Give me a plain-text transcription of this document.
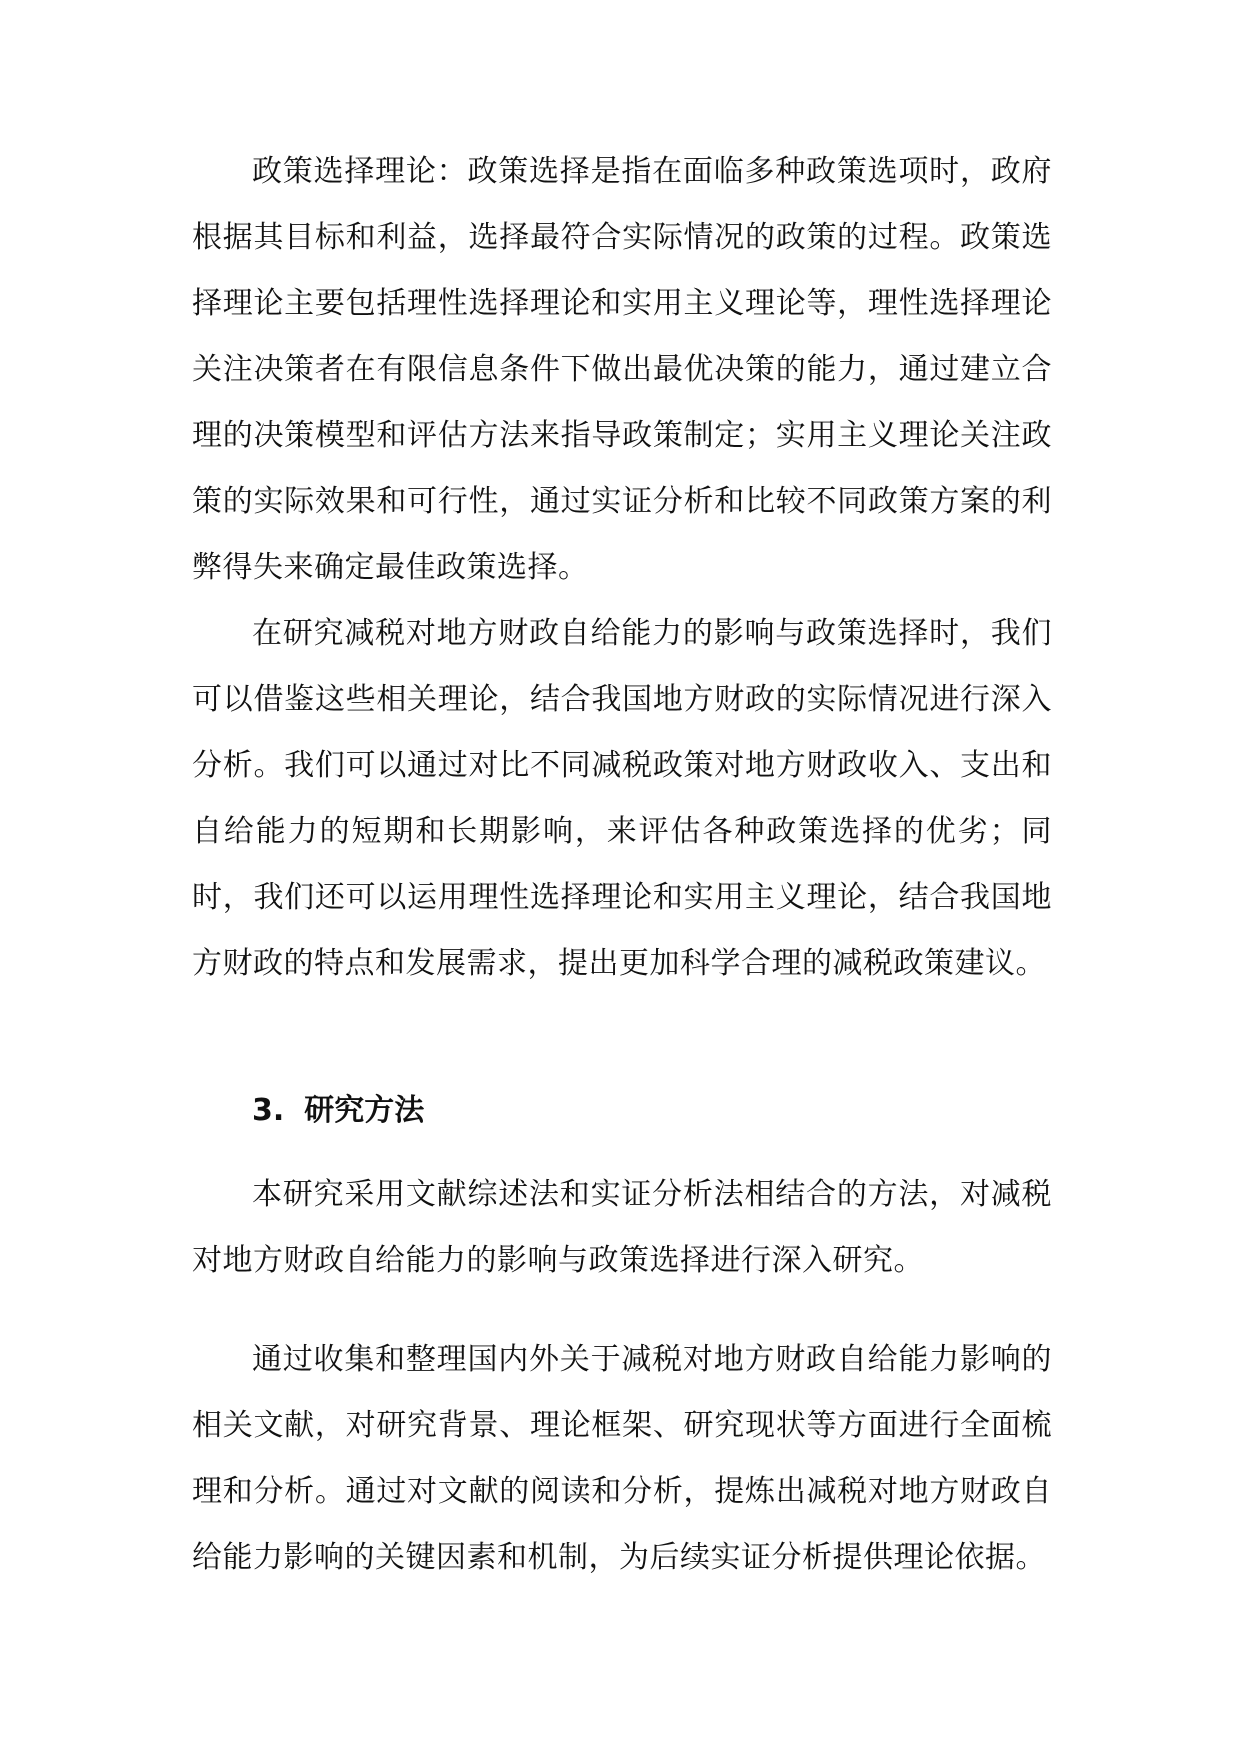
政策选择理论：政策选择是指在面临多种政策选项时，政府根据其目标和利益，选择最符合实际情况的政策的过程。政策选择理论主要包括理性选择理论和实用主义理论等，理性选择理论关注决策者在有限信息条件下做出最优决策的能力，通过建立合理的决策模型和评估方法来指导政策制定；实用主义理论关注政策的实际效果和可行性，通过实证分析和比较不同政策方案的利弊得失来确定最佳政策选择。

在研究减税对地方财政自给能力的影响与政策选择时，我们可以借鉴这些相关理论，结合我国地方财政的实际情况进行深入分析。我们可以通过对比不同减税政策对地方财政收入、支出和自给能力的短期和长期影响，来评估各种政策选择的优劣；同时，我们还可以运用理性选择理论和实用主义理论，结合我国地方财政的特点和发展需求，提出更加科学合理的减税政策建议。

3. 研究方法

本研究采用文献综述法和实证分析法相结合的方法，对减税对地方财政自给能力的影响与政策选择进行深入研究。

通过收集和整理国内外关于减税对地方财政自给能力影响的相关文献，对研究背景、理论框架、研究现状等方面进行全面梳理和分析。通过对文献的阅读和分析，提炼出减税对地方财政自给能力影响的关键因素和机制，为后续实证分析提供理论依据。
